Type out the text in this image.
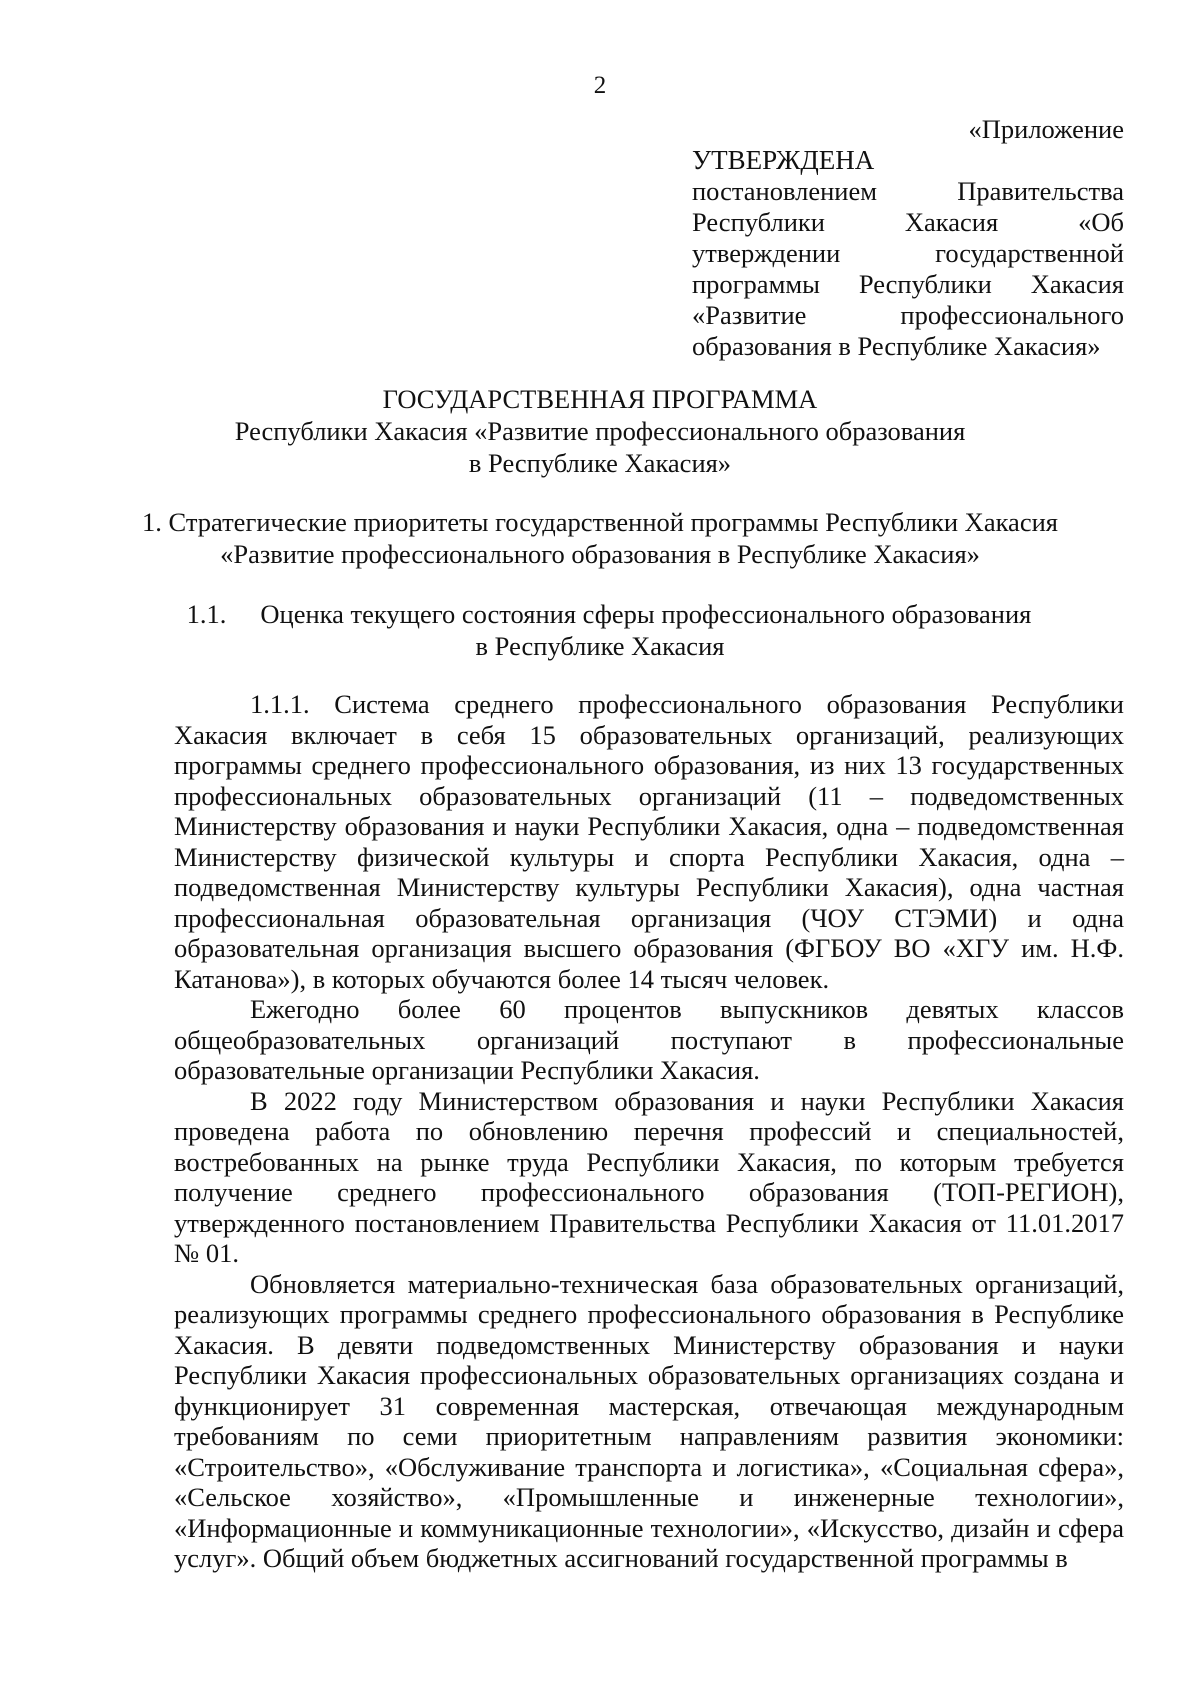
2
«Приложение
УТВЕРЖДЕНА
постановлением Правительства
Республики Хакасия «Об
утверждении государственной
программы Республики Хакасия
«Развитие профессионального
образования в Республике Хакасия»
ГОСУДАРСТВЕННАЯ ПРОГРАММА
Республики Хакасия «Развитие профессионального образования
в Республике Хакасия»
1. Стратегические приоритеты государственной программы Республики Хакасия
«Развитие профессионального образования в Республике Хакасия»
1.1. Оценка текущего состояния сферы профессионального образования
в Республике Хакасия

1.1.1. Система среднего профессионального образования Республики Хакасия включает в себя 15 образовательных организаций, реализующих программы среднего профессионального образования, из них 13 государственных профессиональных образовательных организаций (11 – подведомственных Министерству образования и науки Республики Хакасия, одна – подведомственная Министерству физической культуры и спорта Республики Хакасия, одна – подведомственная Министерству культуры Республики Хакасия), одна частная профессиональная образовательная организация (ЧОУ СТЭМИ) и одна образовательная организация высшего образования (ФГБОУ ВО «ХГУ им. Н.Ф. Катанова»), в которых обучаются более 14 тысяч человек.

Ежегодно более 60 процентов выпускников девятых классов общеобразовательных организаций поступают в профессиональные образовательные организации Республики Хакасия.

В 2022 году Министерством образования и науки Республики Хакасия проведена работа по обновлению перечня профессий и специальностей, востребованных на рынке труда Республики Хакасия, по которым требуется получение среднего профессионального образования (ТОП-РЕГИОН), утвержденного постановлением Правительства Республики Хакасия от 11.01.2017 № 01.

Обновляется материально-техническая база образовательных организаций, реализующих программы среднего профессионального образования в Республике Хакасия. В девяти подведомственных Министерству образования и науки Республики Хакасия профессиональных образовательных организациях создана и функционирует 31 современная мастерская, отвечающая международным требованиям по семи приоритетным направлениям развития экономики: «Строительство», «Обслуживание транспорта и логистика», «Социальная сфера», «Сельское хозяйство», «Промышленные и инженерные технологии», «Информационные и коммуникационные технологии», «Искусство, дизайн и сфера услуг». Общий объем бюджетных ассигнований государственной программы в
